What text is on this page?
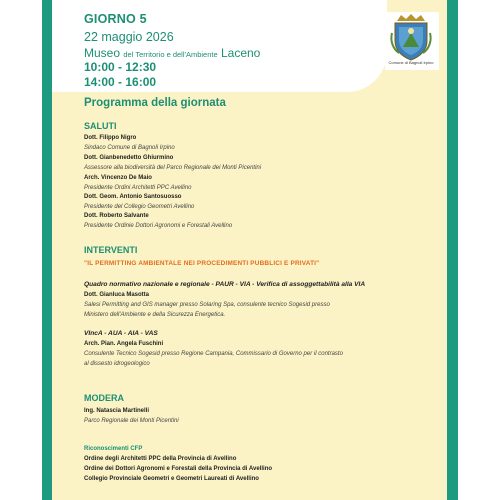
GIORNO 5
22 maggio 2026
Museo del Territorio e dell'Ambiente Laceno
10:00 - 12:30
14:00 - 16:00
Comune di Bagnoli Irpino
Programma della giornata
SALUTI
Dott. Filippo Nigro
Sindaco Comune di Bagnoli Irpino
Dott. Gianbenedetto Ghiurmino
Assessore alla biodiversità del Parco Regionale dei Monti Picentini
Arch. Vincenzo De Maio
Presidente Ordini Architetti PPC Avellino
Dott. Geom. Antonio Santosuosso
Presidente del Collegio Geometri Avellino
Dott. Roberto Salvante
Presidente Ordinie Dottori Agronomi e Forestali Avellino
INTERVENTI
"IL PERMITTING AMBIENTALE NEI PROCEDIMENTI PUBBLICI E PRIVATI"
Quadro normativo nazionale e regionale - PAUR - VIA - Verifica di assoggettabilità alla VIA
Dott. Gianluca Masotta
Salesi Permitting and GIS manager presso Solaring Spa, consulente tecnico Sogesid presso
Ministero dell'Ambiente e della Sicurezza Energetica.
VIncA - AUA - AIA - VAS
Arch. Pian. Angela Fuschini
Consulente Tecnico Sogesid presso Regione Campania, Commissario di Governo per il contrasto
al dissesto idrogeologico
MODERA
Ing. Natascia Martinelli
Parco Regionale dei Monti Picentini
Riconoscimenti CFP
Ordine degli Architetti PPC della Provincia di Avellino
Ordine dei Dottori Agronomi e Forestali della Provincia di Avellino
Collegio Provinciale Geometri e Geometri Laureati di Avellino
